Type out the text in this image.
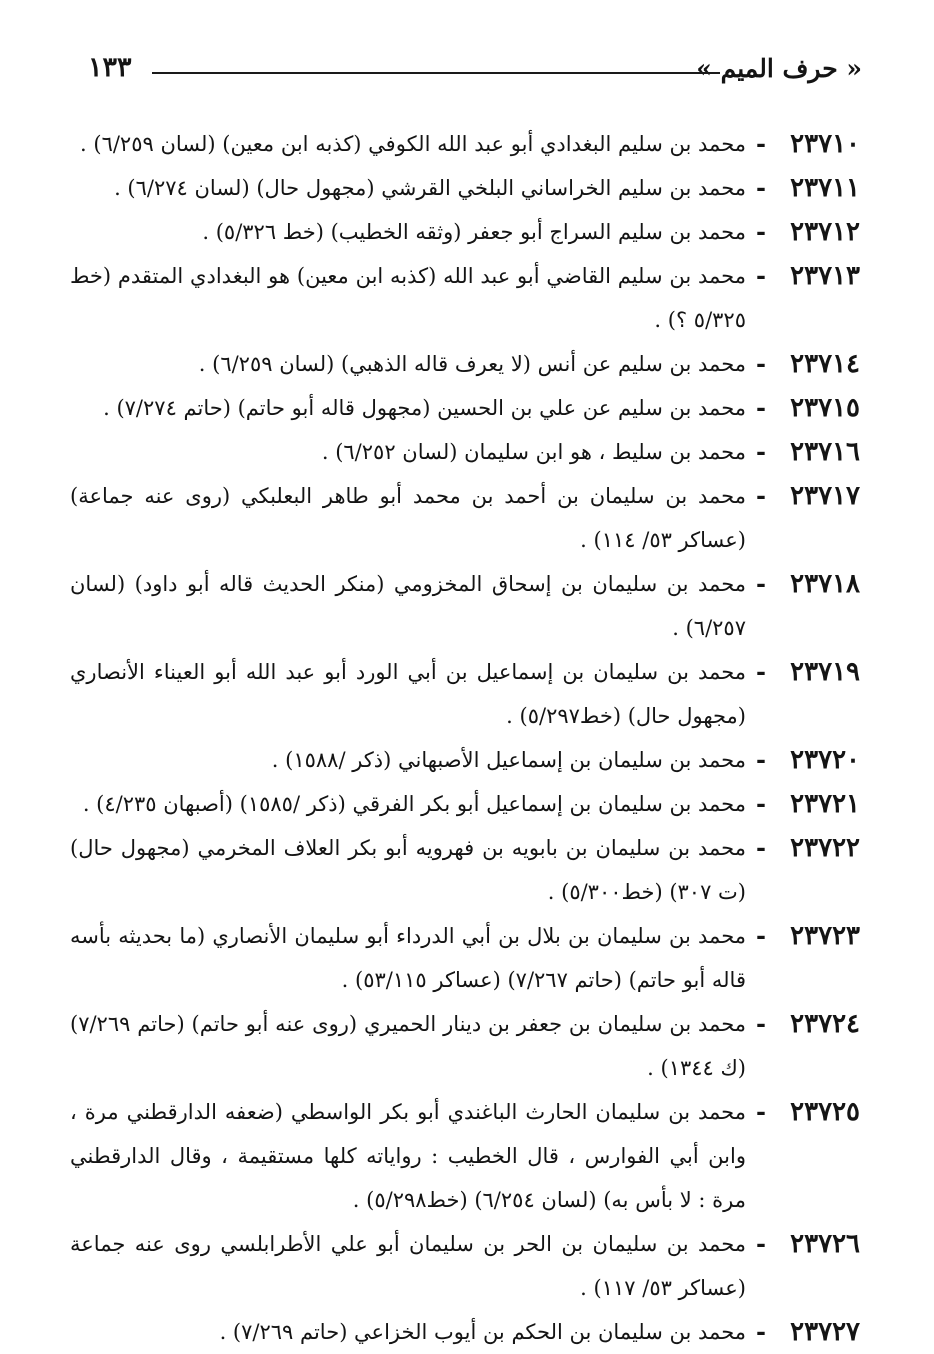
« حرف الميم »
١٣٣
٢٣٧١٠
-
محمد بن سليم البغدادي أبو عبد الله الكوفي (كذبه ابن معين) (لسان ٦/٢٥٩) .
٢٣٧١١
-
محمد بن سليم الخراساني البلخي القرشي (مجهول حال) (لسان ٦/٢٧٤) .
٢٣٧١٢
-
محمد بن سليم السراج أبو جعفر (وثقه الخطيب) (خط ٥/٣٢٦) .
٢٣٧١٣
-
محمد بن سليم القاضي أبو عبد الله (كذبه ابن معين) هو البغدادي المتقدم (خط ٥/٣٢٥ ؟) .
٢٣٧١٤
-
محمد بن سليم عن أنس (لا يعرف قاله الذهبي) (لسان ٦/٢٥٩) .
٢٣٧١٥
-
محمد بن سليم عن علي بن الحسين (مجهول قاله أبو حاتم) (حاتم ٧/٢٧٤) .
٢٣٧١٦
-
محمد بن سليط ، هو ابن سليمان (لسان ٦/٢٥٢) .
٢٣٧١٧
-
محمد بن سليمان بن أحمد بن محمد أبو طاهر البعلبكي (روى عنه جماعة) (عساكر ٥٣/ ١١٤) .
٢٣٧١٨
-
محمد بن سليمان بن إسحاق المخزومي (منكر الحديث قاله أبو داود) (لسان ٦/٢٥٧) .
٢٣٧١٩
-
محمد بن سليمان بن إسماعيل بن أبي الورد أبو عبد الله أبو العيناء الأنصاري (مجهول حال) (خط٥/٢٩٧) .
٢٣٧٢٠
-
محمد بن سليمان بن إسماعيل الأصبهاني (ذكر /١٥٨٨) .
٢٣٧٢١
-
محمد بن سليمان بن إسماعيل أبو بكر الفرقي (ذكر /١٥٨٥) (أصبهان ٤/٢٣٥) .
٢٣٧٢٢
-
محمد بن سليمان بن بابويه بن فهرويه أبو بكر العلاف المخرمي (مجهول حال) (ت ٣٠٧) (خط٥/٣٠٠) .
٢٣٧٢٣
-
محمد بن سليمان بن بلال بن أبي الدرداء أبو سليمان الأنصاري (ما بحديثه بأسه قاله أبو حاتم) (حاتم ٧/٢٦٧) (عساكر ٥٣/١١٥) .
٢٣٧٢٤
-
محمد بن سليمان بن جعفر بن دينار الحميري (روى عنه أبو حاتم) (حاتم ٧/٢٦٩) (ك ١٣٤٤) .
٢٣٧٢٥
-
محمد بن سليمان الحارث الباغندي أبو بكر الواسطي (ضعفه الدارقطني مرة ، وابن أبي الفوارس ، قال الخطيب : رواياته كلها مستقيمة ، وقال الدارقطني مرة : لا بأس به) (لسان ٦/٢٥٤) (خط٥/٢٩٨) .
٢٣٧٢٦
-
محمد بن سليمان بن الحر بن سليمان أبو علي الأطرابلسي روى عنه جماعة (عساكر ٥٣/ ١١٧) .
٢٣٧٢٧
-
محمد بن سليمان بن الحكم بن أيوب الخزاعي (حاتم ٧/٢٦٩) .
